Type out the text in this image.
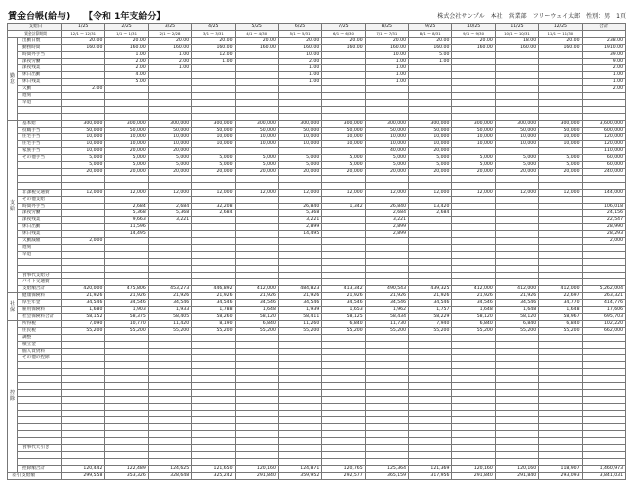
賃金台帳(給与) 【令和 1年支給分】	株式会社サンプル　本社　営業部　フリーウェイ太郎　性別：男　1頁
支給日		1/25	2/25	3/25	4/25	5/25	6/25	7/25	8/25	9/25	10/25	11/25	12/25	合計
賃金計算期間		12/1 〜 12/31	1/1 〜 1/31	2/1 〜 2/28	3/1 〜 3/31	4/1 〜 4/30	5/1 〜 5/31	6/1 〜 6/30	7/1 〜 7/31	8/1 〜 8/31	9/1 〜 9/30	10/1 〜 10/31	11/1 〜 11/30	
勤怠	出勤日数	20.00	20.00	20.00	20.00	20.00	20.00	20.00	20.00	20.00	20.00	18.00	20.00	238.00
	勤務時間	160.00	160.00	160.00	160.00	160.00	160.00	160.00	160.00	160.00	160.00	160.00	160.00	1910.00
	時間外手当		1.00	1.00	12.00		10.00		10.00	5.00				39.00
	深夜労働		2.00	2.00	1.00		2.00		1.00	1.00				9.00
	深夜残業		2.00	1.00			1.00		1.00					2.00
	休日出勤		4.00				1.00		1.00					1.00
	休日残業		5.00				1.00		1.00					1.00
	欠勤	2.00												2.00
	遅刻													
	早退													

支給	基本給	300,000	300,000	300,000	300,000	300,000	300,000	300,000	300,000	300,000	300,000	300,000	300,000	3,600,000
	役職手当	50,000	50,000	50,000	50,000	50,000	50,000	50,000	50,000	50,000	50,000	50,000	50,000	600,000
	住宅手当	10,000	10,000	10,000	10,000	10,000	10,000	10,000	10,000	10,000	10,000	10,000	10,000	120,000
	住宅手当	10,000	10,000	10,000	10,000	10,000	10,000	10,000	10,000	10,000	10,000	10,000	10,000	120,000
	家族手当	10,000	20,000	20,000					40,000	20,000				110,000
	その他手当	5,000	5,000	5,000	5,000	5,000	5,000	5,000	5,000	5,000	5,000	5,000	5,000	60,000
		5,000	5,000	5,000	5,000	5,000	5,000	5,000	5,000	5,000	5,000	5,000	5,000	60,000
		20,000	20,000	20,000	20,000	20,000	20,000	20,000	20,000	20,000	20,000	20,000	20,000	240,000

	非課税交通費	12,000	12,000	12,000	12,000	12,000	12,000	12,000	12,000	12,000	12,000	12,000	12,000	144,000
	その他支給													
	時間外手当		2,684	2,684	32,208		26,840	1,342	26,840	13,420				106,018
	深夜労働		5,368	5,368	2,684		5,368		2,684	2,684				24,156
	深夜残業		9,663	3,221			3,221		3,221					22,547
	休日出勤		11,596				2,899		2,899					28,990
	休日残業		14,495				14,495		2,899					28,293
	欠勤減額	2,000												2,000
	遅刻													
	早退													

	食事代支給分													
	バイト交通費													
	支給額合計	420,000	475,806	453,273	446,892	412,000	484,823	413,342	490,543	439,325	412,000	412,000	412,000	5,262,004
社保	健康保険料	21,926	21,926	21,926	21,926	21,926	21,926	21,926	21,926	21,926	21,926	21,926	22,697	263,321
	厚生年金	34,546	34,546	34,546	34,546	34,546	34,546	34,546	34,546	34,546	34,546	34,546	34,770	414,776
	雇用保険料	1,680	1,903	1,933	1,788	1,648	1,939	1,653	1,962	1,757	1,648	1,648	1,648	17,606
	社会保険料合計	58,152	58,375	58,405	58,260	58,120	58,411	58,125	58,434	58,229	58,120	58,120	58,967	695,703
控除	所得税	7,090	10,770	11,420	8,190	6,840	11,260	6,840	11,730	7,940	6,840	6,840	6,840	102,220
	住民税	55,200	55,200	55,200	55,200	55,200	55,200	55,200	55,200	55,200	55,200	55,200	55,200	662,000
	調整													
	積立金													
	個人賃貸料													
	その他の控除													

	食事代天引き													

	控除額合計	120,442	122,489	124,625	121,650	120,160	124,871	120,765	125,364	121,369	120,160	120,160	118,907	1,460,973
差引支給額		299,558	353,326	328,648	325,242	291,840	359,952	292,577	365,159	317,956	291,840	291,840	293,093	3,841,031
